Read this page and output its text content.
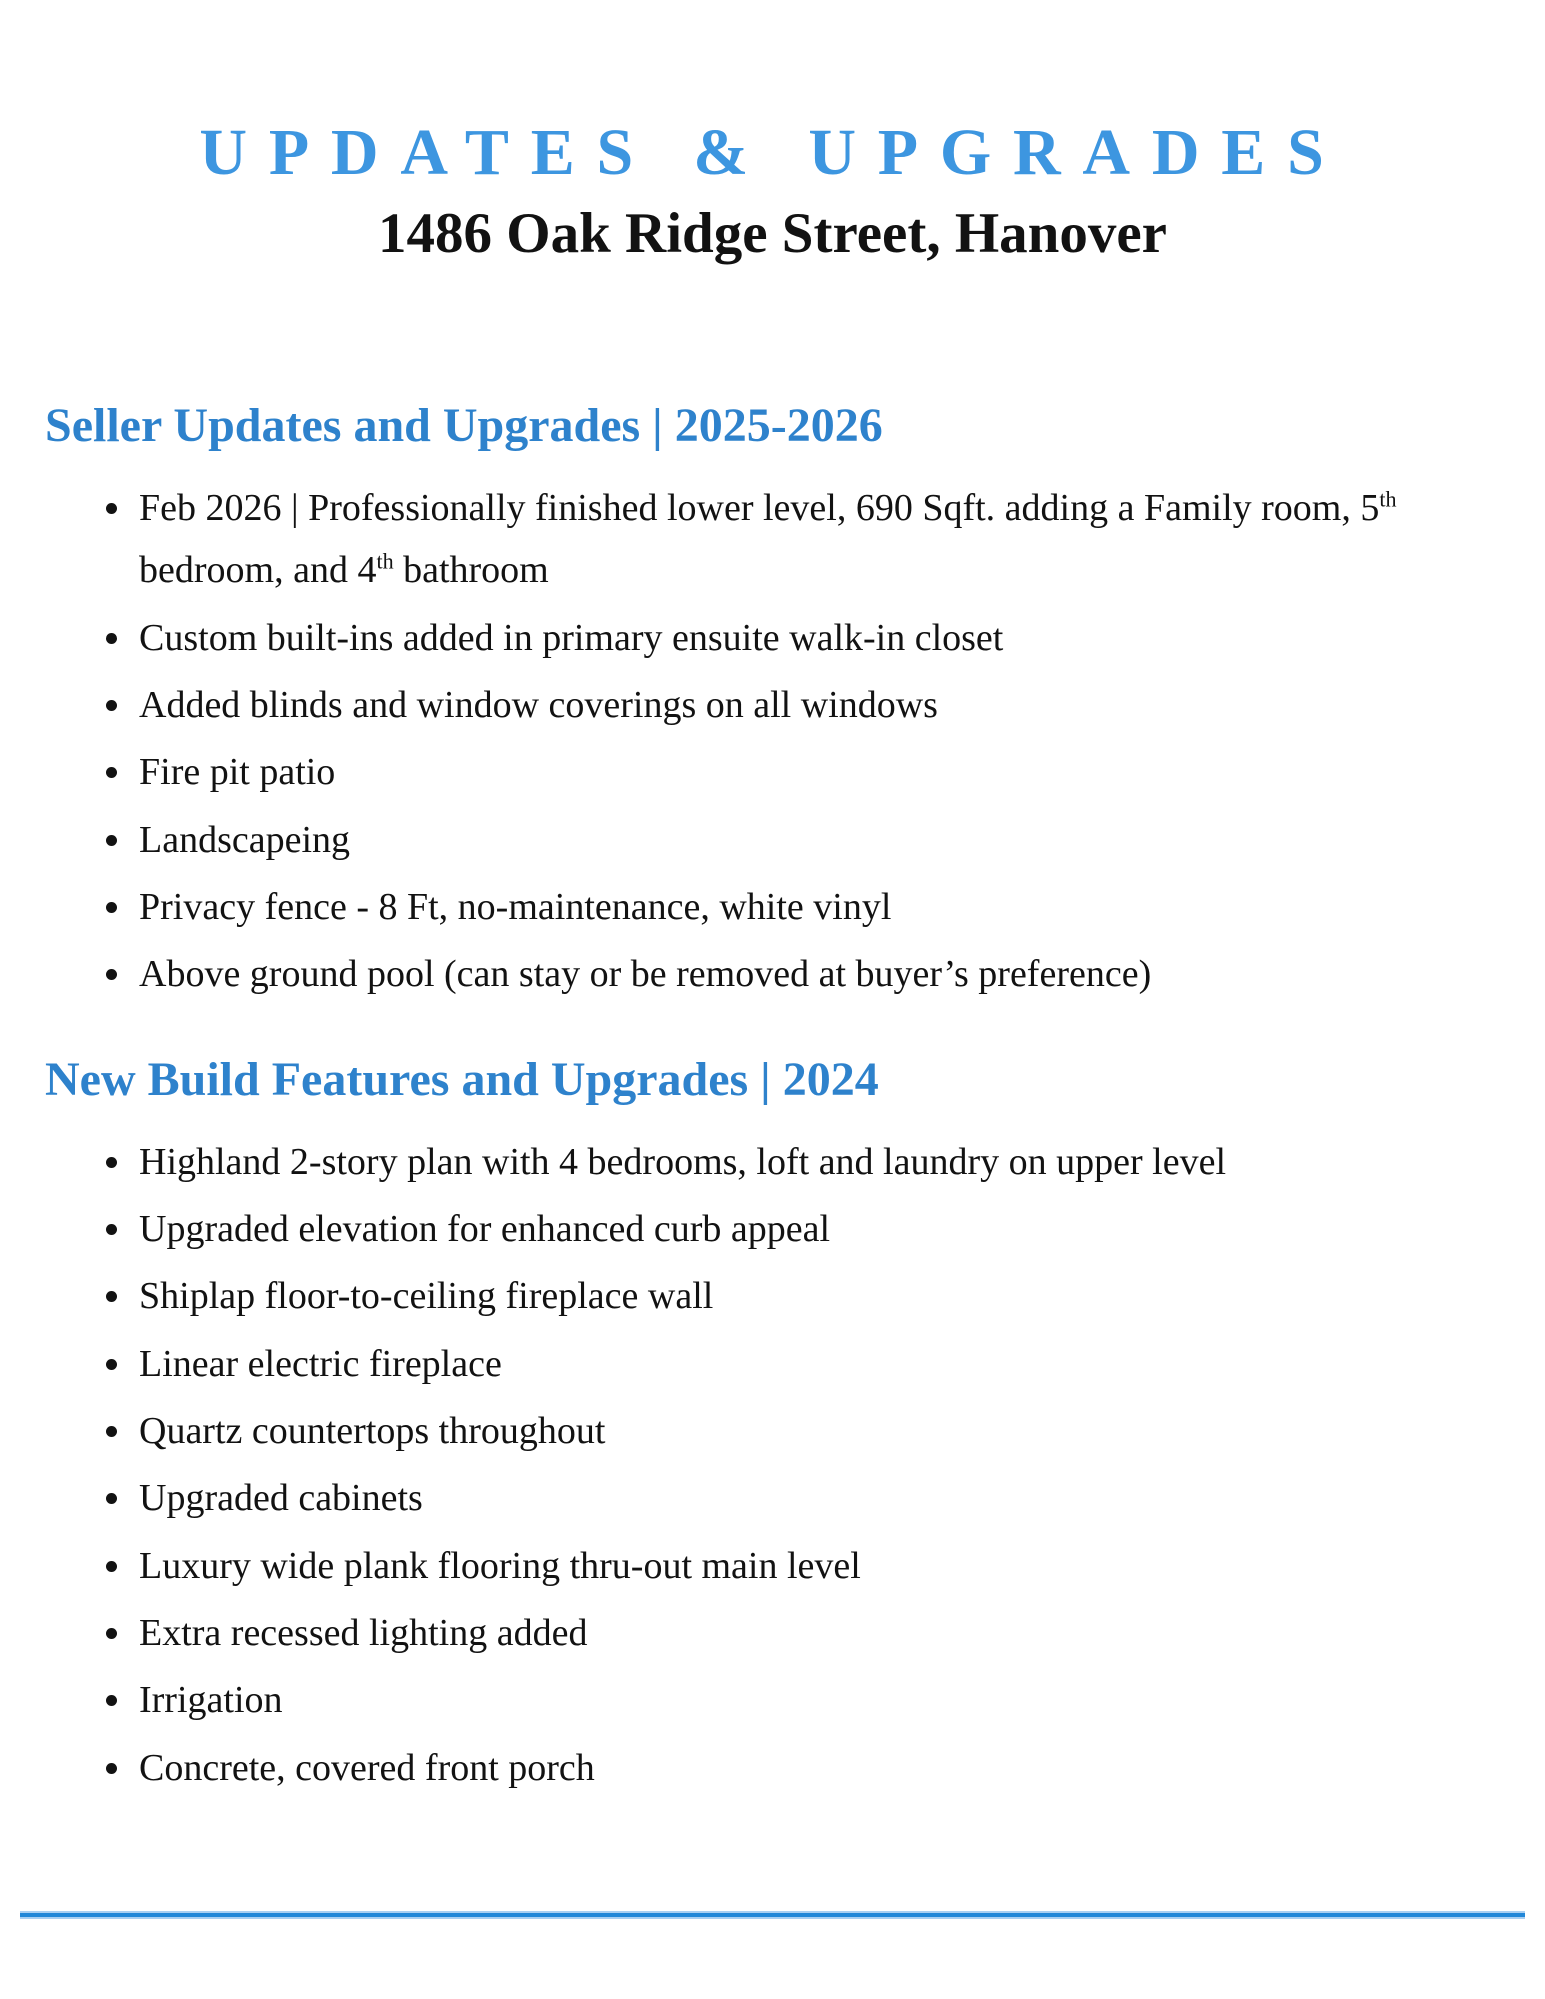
UPDATES & UPGRADES
1486 Oak Ridge Street, Hanover
Seller Updates and Upgrades | 2025-2026
• Feb 2026 | Professionally finished lower level, 690 Sqft. adding a Family room, 5th bedroom, and 4th bathroom
• Custom built-ins added in primary ensuite walk-in closet
• Added blinds and window coverings on all windows
• Fire pit patio
• Landscapeing
• Privacy fence - 8 Ft, no-maintenance, white vinyl
• Above ground pool (can stay or be removed at buyer’s preference)
New Build Features and Upgrades | 2024
• Highland 2-story plan with 4 bedrooms, loft and laundry on upper level
• Upgraded elevation for enhanced curb appeal
• Shiplap floor-to-ceiling fireplace wall
• Linear electric fireplace
• Quartz countertops throughout
• Upgraded cabinets
• Luxury wide plank flooring thru-out main level
• Extra recessed lighting added
• Irrigation
• Concrete, covered front porch
